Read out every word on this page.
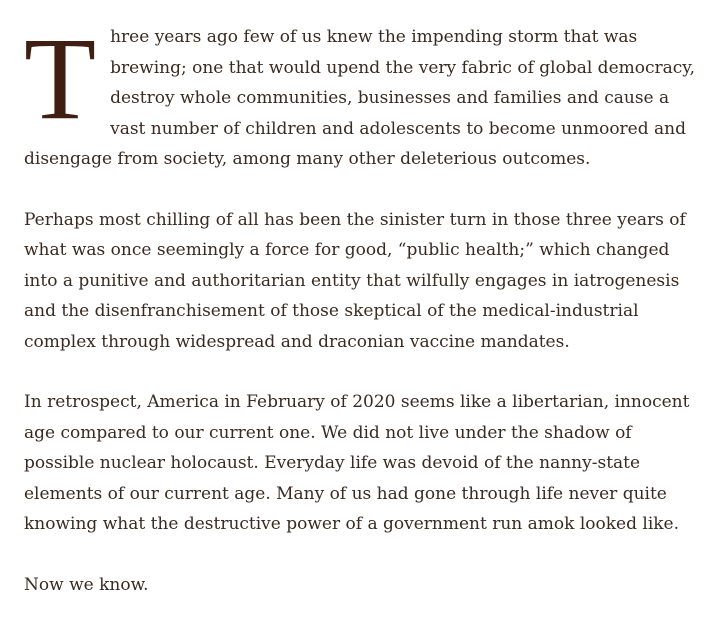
Three years ago few of us knew the impending storm that was brewing; one that would upend the very fabric of global democracy, destroy whole communities, businesses and families and cause a vast number of children and adolescents to become unmoored and disengage from society, among many other deleterious outcomes.

Perhaps most chilling of all has been the sinister turn in those three years of what was once seemingly a force for good, “public health;” which changed into a punitive and authoritarian entity that wilfully engages in iatrogenesis and the disenfranchisement of those skeptical of the medical-industrial complex through widespread and draconian vaccine mandates.

In retrospect, America in February of 2020 seems like a libertarian, innocent age compared to our current one. We did not live under the shadow of possible nuclear holocaust. Everyday life was devoid of the nanny-state elements of our current age. Many of us had gone through life never quite knowing what the destructive power of a government run amok looked like.

Now we know.
